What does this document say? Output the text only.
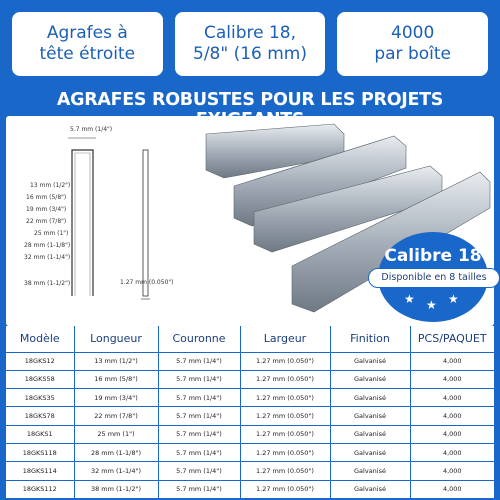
Agrafes à
tête étroite
Calibre 18,
5/8" (16 mm)
4000
par boîte
AGRAFES ROBUSTES POUR LES PROJETS
5.7 mm (1/4")
13 mm (1/2")
16 mm (5/8")
19 mm (3/4")
22 mm (7/8")
25 mm (1")
28 mm (1-1/8")
32 mm (1-1/4")
38 mm (1-1/2")	1.27 mm (0.050")
Calibre 18
Disponible en 8 tailles
★ ★ ★
Modèle	Longueur	Couronne	Largeur	Finition	PCS/PAQUET
18GKS12	13 mm (1/2")	5.7 mm (1/4")	1.27 mm (0.050")	Galvanisé	4,000
18GKS58	16 mm (5/8")	5.7 mm (1/4")	1.27 mm (0.050")	Galvanisé	4,000
18GKS35	19 mm (3/4")	5.7 mm (1/4")	1.27 mm (0.050")	Galvanisé	4,000
18GKS78	22 mm (7/8")	5.7 mm (1/4")	1.27 mm (0.050")	Galvanisé	4,000
18GKS1	25 mm (1")	5.7 mm (1/4")	1.27 mm (0.050")	Galvanisé	4,000
18GKS118	28 mm (1-1/8")	5.7 mm (1/4")	1.27 mm (0.050")	Galvanisé	4,000
18GKS114	32 mm (1-1/4")	5.7 mm (1/4")	1.27 mm (0.050")	Galvanisé	4,000
18GKS112	38 mm (1-1/2")	5.7 mm (1/4")	1.27 mm (0.050")	Galvanisé	4,000
